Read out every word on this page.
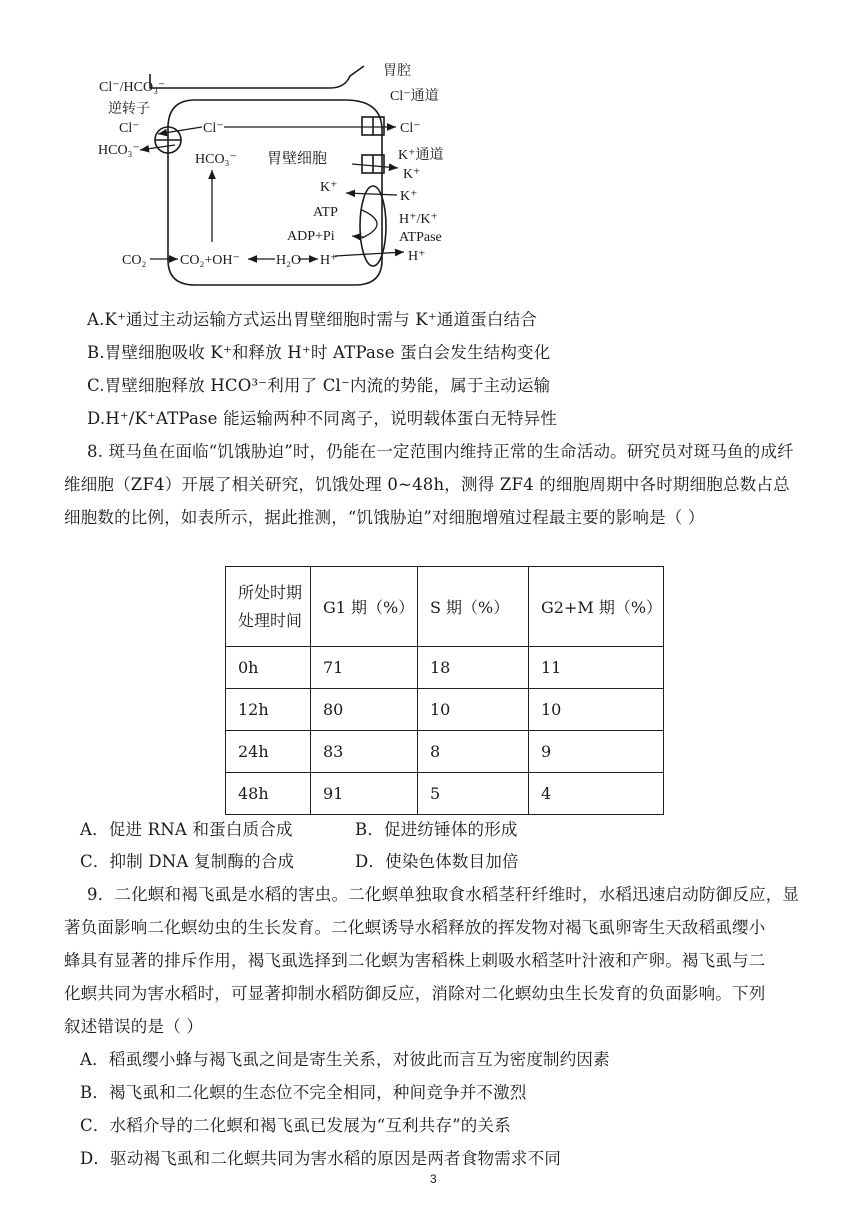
胃腔
Cl⁻通道
Cl⁻/HCO₃⁻
逆转子
Cl⁻
HCO₃⁻
Cl⁻	Cl⁻
HCO₃⁻ 胃壁细胞	K⁺通道
K⁺
K⁺
K⁺
ATP
ADP+Pi
H⁺/K⁺
ATPase
H⁺
CO₂ CO₂+OH⁻	H₂O H⁺
A.K⁺通过主动运输方式运出胃壁细胞时需与 K⁺通道蛋白结合
B.胃壁细胞吸收 K⁺和释放 H⁺时 ATPase 蛋白会发生结构变化
C.胃壁细胞释放 HCO³⁻利用了 Cl⁻内流的势能，属于主动运输
D.H⁺/K⁺ATPase 能运输两种不同离子，说明载体蛋白无特异性
8. 斑马鱼在面临“饥饿胁迫”时，仍能在一定范围内维持正常的生命活动。研究员对斑马鱼的成纤
维细胞（ZF4）开展了相关研究，饥饿处理 0~48h，测得 ZF4 的细胞周期中各时期细胞总数占总
细胞数的比例，如表所示，据此推测，“饥饿胁迫”对细胞增殖过程最主要的影响是（ ）
所处时期
处理时间	G1 期（%）	S 期（%）	G2+M 期（%）
0h	71	18	11
12h	80	10	10
24h	83	8	9
48h	91	5	4
A．促进 RNA 和蛋白质合成	B．促进纺锤体的形成
C．抑制 DNA 复制酶的合成	D．使染色体数目加倍
9．二化螟和褐飞虱是水稻的害虫。二化螟单独取食水稻茎秆纤维时，水稻迅速启动防御反应，显
著负面影响二化螟幼虫的生长发育。二化螟诱导水稻释放的挥发物对褐飞虱卵寄生天敌稻虱缨小
蜂具有显著的排斥作用，褐飞虱选择到二化螟为害稻株上刺吸水稻茎叶汁液和产卵。褐飞虱与二
化螟共同为害水稻时，可显著抑制水稻防御反应，消除对二化螟幼虫生长发育的负面影响。下列
叙述错误的是（ ）
A．稻虱缨小蜂与褐飞虱之间是寄生关系，对彼此而言互为密度制约因素
B．褐飞虱和二化螟的生态位不完全相同，种间竞争并不激烈
C．水稻介导的二化螟和褐飞虱已发展为“互利共存”的关系
D．驱动褐飞虱和二化螟共同为害水稻的原因是两者食物需求不同
3
